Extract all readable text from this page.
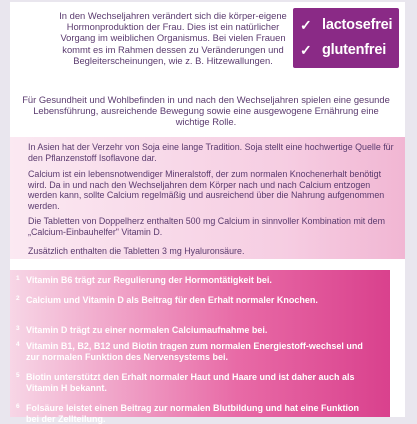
In den Wechseljahren verändert sich die körper-eigene Hormonproduktion der Frau. Dies ist ein natürlicher Vorgang im weiblichen Organismus. Bei vielen Frauen kommt es im Rahmen dessen zu Veränderungen und Begleiterscheinungen, wie z. B. Hitzewallungen.
✓ lactosefrei
✓ glutenfrei
Für Gesundheit und Wohlbefinden in und nach den Wechseljahren spielen eine gesunde Lebensführung, ausreichende Bewegung sowie eine ausgewogene Ernährung eine wichtige Rolle.

In Asien hat der Verzehr von Soja eine lange Tradition. Soja stellt eine hochwertige Quelle für den Pflanzenstoff Isoflavone dar.

Calcium ist ein lebensnotwendiger Mineralstoff, der zum normalen Knochenerhalt benötigt wird. Da in und nach den Wechseljahren dem Körper nach und nach Calcium entzogen werden kann, sollte Calcium regelmäßig und ausreichend über die Nahrung aufgenommen werden.

Die Tabletten von Doppelherz enthalten 500 mg Calcium in sinnvoller Kombination mit dem „Calcium-Einbauhelfer" Vitamin D.

Zusätzlich enthalten die Tabletten 3 mg Hyaluronsäure.

1 Vitamin B6 trägt zur Regulierung der Hormontätigkeit bei.
2 Calcium und Vitamin D als Beitrag für den Erhalt normaler Knochen.
3 Vitamin D trägt zu einer normalen Calciumaufnahme bei.
4 Vitamin B1, B2, B12 und Biotin tragen zum normalen Energiestoff-wechsel und zur normalen Funktion des Nervensystems bei.
5 Biotin unterstützt den Erhalt normaler Haut und Haare und ist daher auch als Vitamin H bekannt.
6 Folsäure leistet einen Beitrag zur normalen Blutbildung und hat eine Funktion bei der Zellteilung.
